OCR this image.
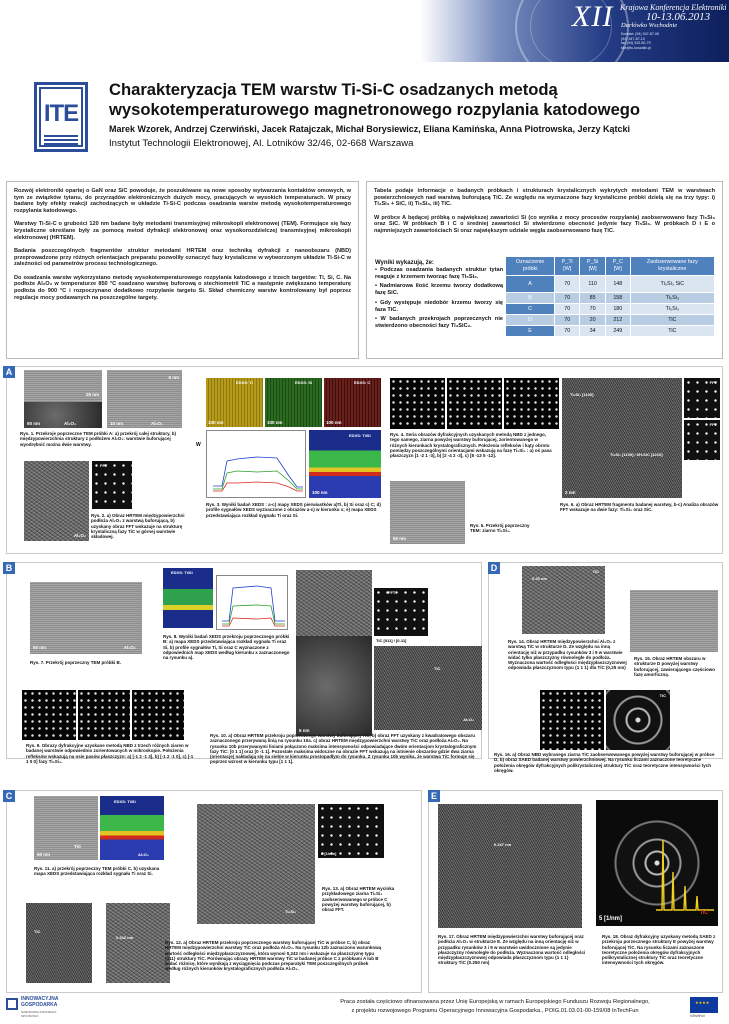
XII Krajowa Konferencja Elektroniki
10-13.06.2013
Darłówko Wschodnie
Kontakt: (94) 347-87-06
(94) 347-87-10
fax (94) 343-50-79
kke@tu.koszalin.pl
ITE
Charakteryzacja TEM warstw Ti-Si-C osadzanych metodą wysokotemperaturowego magnetronowego rozpylania katodowego
Marek Wzorek, Andrzej Czerwiński, Jacek Ratajczak, Michał Borysiewicz, Eliana Kamińska, Anna Piotrowska, Jerzy Kątcki
Instytut Technologii Elektronowej, Al. Lotników 32/46, 02-668 Warszawa

Rozwój elektroniki opartej o GaN oraz SiC powoduje, że poszukiwane są nowe sposoby wytwarzania kontaktów omowych, w tym ze związków tytanu, do przyrządów elektronicznych dużych mocy, pracujących w wysokich temperaturach. W pracy badane były efekty reakcji zachodzących w układzie Ti-Si-C podczas osadzania warstw metodą wysokotemperaturowego rozpylania katodowego.

Warstwy Ti-Si-C o grubości 120 nm badane były metodami transmisyjnej mikroskopii elektronowej (TEM). Formujące się fazy krystaliczne określane były za pomocą metod dyfrakcji elektronowej oraz wysokorozdzielczej transmisyjnej mikroskopii elektronowej (HRTEM).

Badania poszczególnych fragmentów struktur metodami HRTEM oraz techniką dyfrakcji z nanoobszaru (NBD) przeprowadzone przy różnych orientacjach preparatu pozwoliły oznaczyć fazy krystaliczne w wytworzonym układzie Ti-Si-C w zależności od parametrów procesu technologicznego.

Do osadzania warstw wykorzystano metodę wysokotemperaturowego rozpylania katodowego z trzech targetów: Ti, Si, C. Na podłoże Al₂O₃ w temperaturze 850 °C osadzano warstwę buforową o stechiometrii TiC a następnie zwiększano temperaturę podłoża do 900 °C i rozpoczynano dodatkowo rozpylanie targetu Si. Skład chemiczny warstw kontrolowany był poprzez regulacje mocy podawanych na poszczególne targety.

Tabela podaje informacje o badanych próbkach i strukturach krystalicznych wykrytych metodami TEM w warstwach powierzchniowych nad warstwą buforującą TiC. Ze względu na wyznaczone fazy krystaliczne próbki dzielą się na trzy typy: i) Ti₃Si₃ + SiC, ii) Ti₅Si₃, iii) TiC.

W próbce A będącej próbką o największej zawartości Si (co wynika z mocy procesów rozpylania) zaobserwowano fazy Ti₅Si₃ oraz SiC. W próbkach B i C o średniej zawartości Si stwierdzono obecność jedynie fazy Ti₅Si₃. W próbkach D i E o najmniejszych zawartościach Si oraz największym udziale węgla zaobserwowano fazę TiC.

Wyniki wykazują, że:
• Podczas osadzania badanych struktur tytan reaguje z krzemem tworząc fazę Ti₅Si₃.
• Nadmiarowa ilość krzemu tworzy dodatkową fazę SiC.
• Gdy występuje niedobór krzemu tworzy się faza TiC.
• W badanych przekrojach poprzecznych nie stwierdzono obecności fazy Ti₃SiC₂.
Oznaczenie próbki	P_Ti [W]	P_Si [W]	P_C [W]	Zaobserwowane fazy krystaliczne
A	70	110	148	Ti₅Si₃ SiC
B	70	85	158	Ti₅Si₃
C	70	70	180	Ti₅Si₃
D	70	20	212	TiC
E	70	34	249	TiC
A
25 nm
50 nm	Al₂O₃
5 nm
10 nm	Al₂O₃
Rys. 1. Przekroje poprzeczne TEM próbki A: a) przekrój całej struktury, b) międzypowierzchnia struktury z podłożem Al₂O₃: warstwie buforującej wyodrębnić można dwie warstwy.
Al₂O₃
FFT
Rys. 2. a) Obraz HRTEM międzypowierzchni podłoża Al₂O₃ z warstwą buforującą, b) uzyskany obraz FFT wskazuje na strukturę krystaliczną fazy TiC w górnej warstwie składowej.
EDXS: Ti
100 nm
EDXS: Si
100 nm
EDXS: C
100 nm
W
EDXS: Ti/Si
100 nm
Rys. 3. Wyniki badań XEDS : a-c) mapy XEDS pierwiastków a)Ti, b) Si oraz c) C; d) profile sygnałów XEDS wyznaczone z obrazów a-c) w kierunku x; e) mapa XEDS przedstawiająca rozkład sygnału Ti oraz Si.
Rys. 4. Seria obrazów dyfrakcyjnych uzyskanych metodą NBD z jednego, tego samego, ziarna powyżej warstwy buforującej, zorientowanego w różnych kierunkach krystalograficznych. Położenia refleksów i kąty obrotu pomiędzy poszczególnymi orientacjami wskazują na fazę Ti₅Si₃ : a) oś pasa płaszczyzn [1 -2 1 -3], b) [2 -4 2 -3], c) [8 -13 5 -12].
50 nm
Rys. 5. Przekrój poprzeczny TEM: ziarno Ti₅Si₃.
Ti₅Si₃ [1100]
Ti₅Si₃ [1100] / 6H-SiC [1210]
2 nm
FFT
FFT
Rys. 6. a) Obraz HRTEM fragmentu badanej warstwy, b-c) Analiza obrazów FFT wskazuje na dwie fazy: Ti₅Si₃ oraz SiC.
B
50 nm	Al₂O₃
Rys. 7. Przekrój poprzeczny TEM próbki B.
EDXS: Ti/Si
Rys. 8. Wyniki badań XEDS przekroju poprzecznego próbki B: a) mapa XEDS przedstawiająca rozkład sygnału Ti oraz Si, b) profile sygnałów Ti, Si oraz C wyznaczone z odpowiednich map XEDS według kierunku x zaznaczonego na rysunku a).
5 nm
FFT
TiC [011] / [0-11]
TiC
Al₂O₃
Rys. 9. Obrazy dyfrakcyjne uzyskane metodą NBD z trzech różnych ziaren w badanej warstwie odpowiednio zorientowanych w mikroskopie. Położenia refleksów wskazują na osie pasów płaszczyzn: a) [-1 2 -1 3], b) [-1 2 -1 0], c) [-1 1 0 0] fazy Ti₅Si₃.
Rys. 10. a) Obraz HRTEM przekroju poprzecznego warstwy buforującej TiC, b) obraz FFT uzyskany z kwadratowego obszaru zaznaczonego przerywaną linią na rysunku 10a. c) obraz HRTEM międzypowierzchni warstwy TiC oraz podłoża Al₂O₃. Na rysunku 10b przerywanymi liniami połączono maksima intensywności odpowiadające dwóm orientacjom krystalograficznym fazy TiC: [0 1 1] oraz [0 -1 1]. Pozostałe maksima widoczne na obrazie FFT wskazują na istnienie obszarów gdzie dwa ziarna (orientacje) nakładają się na siebie w kierunku prostopadłym do rysunku. Z rysunku 10b wynika, że warstwa TiC formuje się poprzez wzrost w kierunku typu [1 1 1].
D
0.25 nm
TiC
Rys. 14. Obraz HRTEM międzypowierzchni Al₂O₃ z warstwą TiC w strukturze D. Ze względu na inną orientację niż w przypadku rysunków 3 i 9 w warstwie widać tylko płaszczyzny równoległe do podłoża. Wyznaczona wartość odległości międzypłaszczyznowej odpowiada płaszczyznom typu {1 1 1} dla TiC (0,25 nm)
Rys. 15. Obraz HRTEM obszaru w strukturze D powyżej warstwy buforującej, zawierającego częściowo fazę amorficzną.
TiC
Rys. 16. a) Obraz NBD wybranego ziarna TiC zaobserwowanego powyżej warstwy buforującej w próbce D, b) obraz SAED badanej warstwy powierzchniowej. Na rysunku liczami zaznaczone teoretyczne położenia okręgów dyfrakcyjnych polikrystalicznej struktury TiC oraz teoretyczne intensywności tych okręgów.
C
50 nm
TiC
EDXS: Ti/Si
Al₂O₃
Rys. 11. a) przekrój poprzeczny TEM próbki C, b) uzyskana mapa XEDS przedstawiająca rozkład sygnału Ti oraz Si.
TiC
0.242 nm
Rys. 12. a) Obraz HRTEM przekroju poprzecznego warstwy buforującej TiC w próbce C, b) obraz HRTEM międzypowierzchni warstwy TiC oraz podłoża Al₂O₃. Na rysunku 12b zaznaczono warunkową wartość odległości międzypłaszczyznowej, która wynosi 0,242 nm i wskazuje na płaszczyznę typu {111} struktury TiC. Porównując obrazy HRTEM warstwy TiC w badanej próbce C z próbkami A lub B widać różnicę, które wynikają z wyciągnięcia podczas preparatyki TEM poszczególnych próbek według różnych kierunków krystalograficznych podłoża Al₂O₃.
Ti₅Si₃
5 [1/nm]
Rys. 13. a) Obraz HRTEM wycinka przykładowego ziarna Ti₅Si₃ zaobserwowanego w próbce C powyżej warstwy buforującej, b) obraz FFT.
E
0.247 nm
Rys. 17. Obraz HRTEM międzypowierzchni warstwy buforującej oraz podłoża Al₂O₃ w strukturze E. Ze względu na inną orientację niż w przypadku rysunków 3 i 9 w warstwie uwidocznione są jedynie płaszczyzny równoległe do podłoża. Wyznaczona wartość odległości międzypłaszczyznowej odpowiada płaszczyznom typu {1 1 1} struktury TiC (0.250 nm)
5 [1/nm]
TiC
Rys. 18. Obraz dyfrakcyjny uzyskany metodą SAED z przekroju porzecznego struktury E powyżej warstwy buforującej TiC. Na rysunku liczami zaznaczone teoretyczne położenia okręgów dyfrakcyjnych polikrystalicznej struktury TiC oraz teoretyczne intensywności tych okręgów.
INNOWACYJNA
GOSPODARKA
NARODOWA STRATEGIA SPÓJNOŚCI
Praca została częściowo sfinansowana przez Unię Europejską w ramach Europejskiego Funduszu Rozwoju Regionalnego,
z projektu rozwojowego Programu Operacyjnego Innowacyjna Gospodarka., POIG.01.03.01-00-159/08 InTechFun
★★★★
InTechFun
